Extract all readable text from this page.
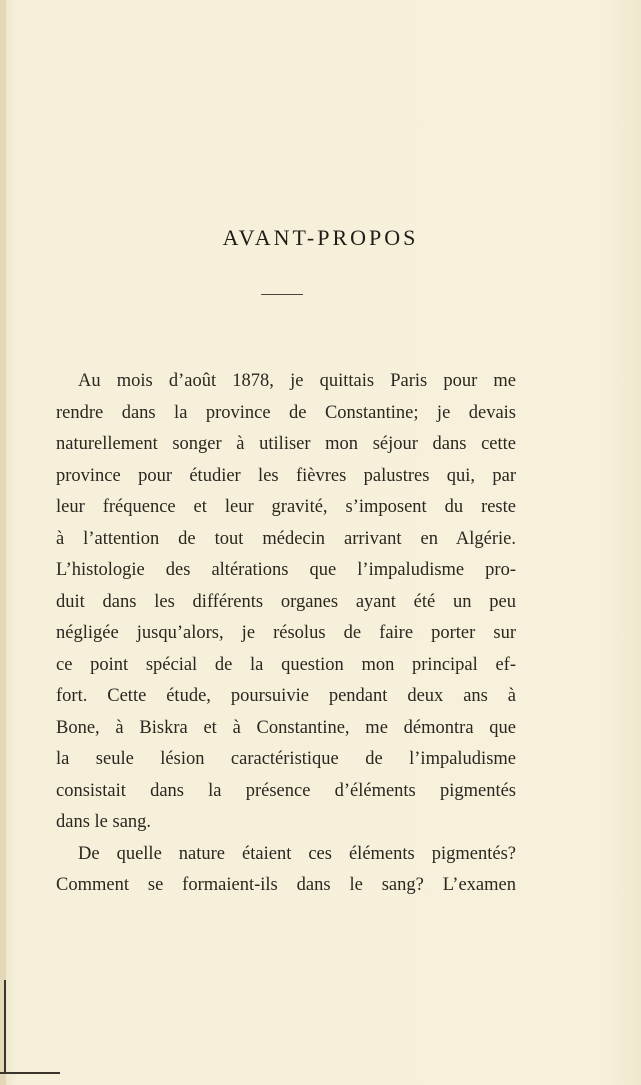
AVANT-PROPOS
Au mois d’août 1878, je quittais Paris pour me
rendre dans la province de Constantine; je devais
naturellement songer à utiliser mon séjour dans cette
province pour étudier les fièvres palustres qui, par
leur fréquence et leur gravité, s’imposent du reste
à l’attention de tout médecin arrivant en Algérie.
L’histologie des altérations que l’impaludisme pro-
duit dans les différents organes ayant été un peu
négligée jusqu’alors, je résolus de faire porter sur
ce point spécial de la question mon principal ef-
fort. Cette étude, poursuivie pendant deux ans à
Bone, à Biskra et à Constantine, me démontra que
la seule lésion caractéristique de l’impaludisme
consistait dans la présence d’éléments pigmentés
dans le sang.
De quelle nature étaient ces éléments pigmentés?
Comment se formaient-ils dans le sang? L’examen
